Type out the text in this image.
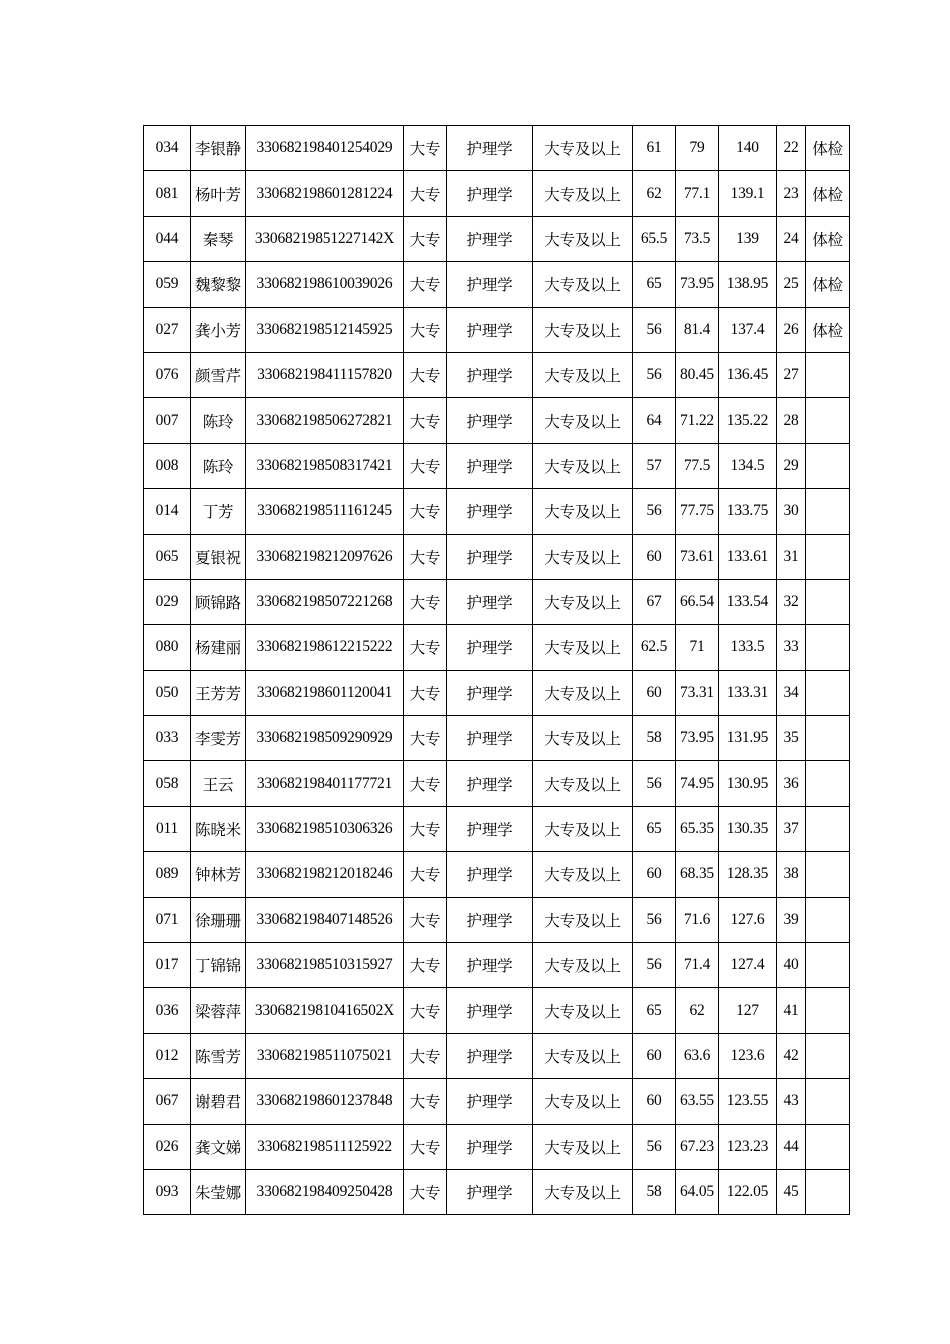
034	李银静	330682198401254029	大专	护理学	大专及以上	61	79	140	22	体检
081	杨叶芳	330682198601281224	大专	护理学	大专及以上	62	77.1	139.1	23	体检
044	秦琴	33068219851227142X	大专	护理学	大专及以上	65.5	73.5	139	24	体检
059	魏黎黎	330682198610039026	大专	护理学	大专及以上	65	73.95	138.95	25	体检
027	龚小芳	330682198512145925	大专	护理学	大专及以上	56	81.4	137.4	26	体检
076	颜雪芹	330682198411157820	大专	护理学	大专及以上	56	80.45	136.45	27	
007	陈玲	330682198506272821	大专	护理学	大专及以上	64	71.22	135.22	28	
008	陈玲	330682198508317421	大专	护理学	大专及以上	57	77.5	134.5	29	
014	丁芳	330682198511161245	大专	护理学	大专及以上	56	77.75	133.75	30	
065	夏银祝	330682198212097626	大专	护理学	大专及以上	60	73.61	133.61	31	
029	顾锦路	330682198507221268	大专	护理学	大专及以上	67	66.54	133.54	32	
080	杨建丽	330682198612215222	大专	护理学	大专及以上	62.5	71	133.5	33	
050	王芳芳	330682198601120041	大专	护理学	大专及以上	60	73.31	133.31	34	
033	李雯芳	330682198509290929	大专	护理学	大专及以上	58	73.95	131.95	35	
058	王云	330682198401177721	大专	护理学	大专及以上	56	74.95	130.95	36	
011	陈晓米	330682198510306326	大专	护理学	大专及以上	65	65.35	130.35	37	
089	钟林芳	330682198212018246	大专	护理学	大专及以上	60	68.35	128.35	38	
071	徐珊珊	330682198407148526	大专	护理学	大专及以上	56	71.6	127.6	39	
017	丁锦锦	330682198510315927	大专	护理学	大专及以上	56	71.4	127.4	40	
036	梁蓉萍	33068219810416502X	大专	护理学	大专及以上	65	62	127	41	
012	陈雪芳	330682198511075021	大专	护理学	大专及以上	60	63.6	123.6	42	
067	谢碧君	330682198601237848	大专	护理学	大专及以上	60	63.55	123.55	43	
026	龚文娣	330682198511125922	大专	护理学	大专及以上	56	67.23	123.23	44	
093	朱莹娜	330682198409250428	大专	护理学	大专及以上	58	64.05	122.05	45	
